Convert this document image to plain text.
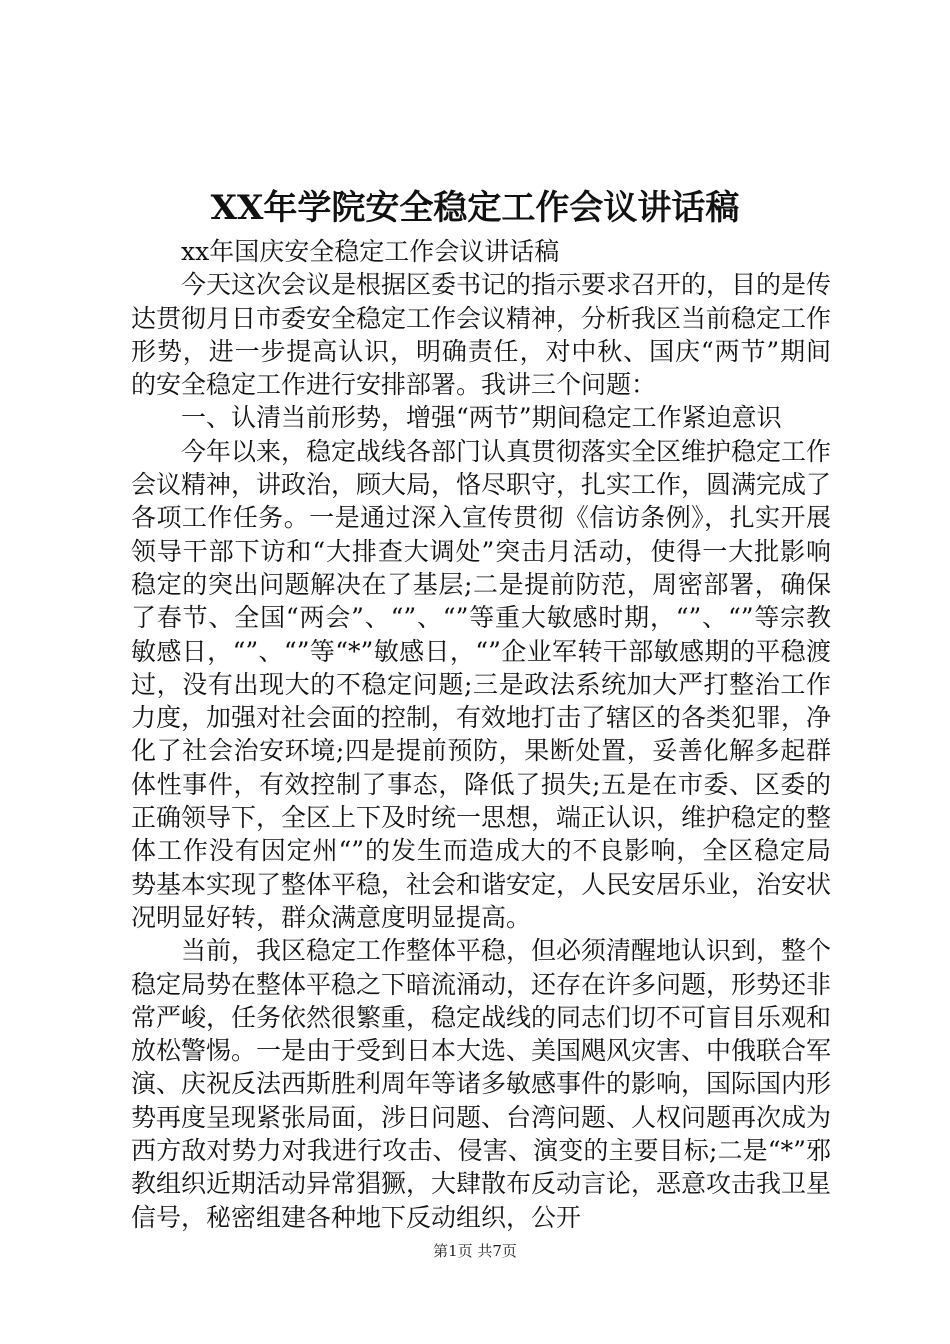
XX年学院安全稳定工作会议讲话稿

xx年国庆安全稳定工作会议讲话稿

今天这次会议是根据区委书记的指示要求召开的，目的是传达贯彻月日市委安全稳定工作会议精神，分析我区当前稳定工作形势，进一步提高认识，明确责任，对中秋、国庆“两节”期间的安全稳定工作进行安排部署。我讲三个问题：

一、认清当前形势，增强“两节”期间稳定工作紧迫意识

今年以来，稳定战线各部门认真贯彻落实全区维护稳定工作会议精神，讲政治，顾大局，恪尽职守，扎实工作，圆满完成了各项工作任务。一是通过深入宣传贯彻《信访条例》，扎实开展领导干部下访和“大排查大调处”突击月活动，使得一大批影响稳定的突出问题解决在了基层;二是提前防范，周密部署，确保了春节、全国“两会”、“”、“”等重大敏感时期，“”、“”等宗教敏感日，“”、“”等“*”敏感日，“”企业军转干部敏感期的平稳渡过，没有出现大的不稳定问题;三是政法系统加大严打整治工作力度，加强对社会面的控制，有效地打击了辖区的各类犯罪，净化了社会治安环境;四是提前预防，果断处置，妥善化解多起群体性事件，有效控制了事态，降低了损失;五是在市委、区委的正确领导下，全区上下及时统一思想，端正认识，维护稳定的整体工作没有因定州“”的发生而造成大的不良影响，全区稳定局势基本实现了整体平稳，社会和谐安定，人民安居乐业，治安状况明显好转，群众满意度明显提高。

当前，我区稳定工作整体平稳，但必须清醒地认识到，整个稳定局势在整体平稳之下暗流涌动，还存在许多问题，形势还非常严峻，任务依然很繁重，稳定战线的同志们切不可盲目乐观和放松警惕。一是由于受到日本大选、美国飓风灾害、中俄联合军演、庆祝反法西斯胜利周年等诸多敏感事件的影响，国际国内形势再度呈现紧张局面，涉日问题、台湾问题、人权问题再次成为西方敌对势力对我进行攻击、侵害、演变的主要目标;二是“*”邪教组织近期活动异常猖獗，大肆散布反动言论，恶意攻击我卫星信号，秘密组建各种地下反动组织，公开

第1页 共7页
